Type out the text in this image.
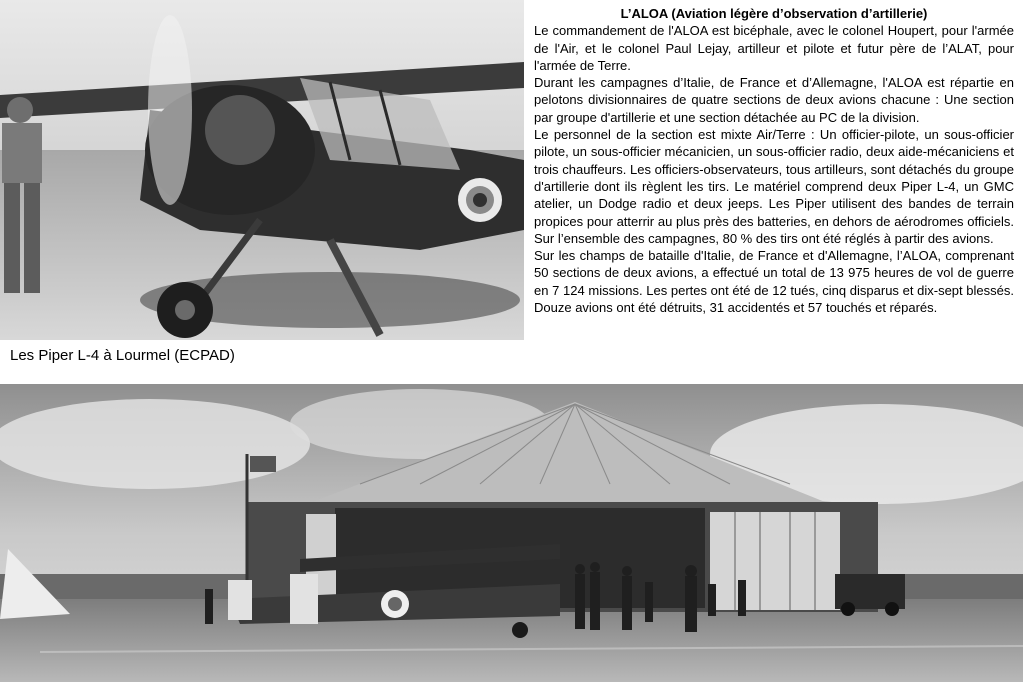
Les Piper L-4 à Lourmel (ECPAD)
L’ALOA (Aviation légère d’observation d’artillerie)

Le commandement de l'ALOA est bicéphale, avec le colonel Houpert, pour l'armée de l'Air, et le colonel Paul Lejay, artilleur et pilote et futur père de l’ALAT, pour l'armée de Terre.

Durant les campagnes d’Italie, de France et d’Allemagne, l'ALOA est répartie en pelotons divisionnaires de quatre sections de deux avions chacune : Une section par groupe d'artillerie et une section détachée au PC de la division.

Le personnel de la section est mixte Air/Terre : Un officier-pilote, un sous-officier pilote, un sous-officier mécanicien, un sous-officier radio, deux aide-mécaniciens et trois chauffeurs. Les officiers-observateurs, tous artilleurs, sont détachés du groupe d'artillerie dont ils règlent les tirs. Le matériel comprend deux Piper L-4, un GMC atelier, un Dodge radio et deux jeeps. Les Piper utilisent des bandes de terrain propices pour atterrir au plus près des batteries, en dehors de aérodromes officiels. Sur l’ensemble des campagnes, 80 % des tirs ont été réglés à partir des avions.

Sur les champs de bataille d'Italie, de France et d'Allemagne, l’ALOA, comprenant 50 sections de deux avions, a effectué un total de 13 975 heures de vol de guerre en 7 124 missions. Les pertes ont été de 12 tués, cinq disparus et dix-sept blessés. Douze avions ont été détruits, 31 accidentés et 57 touchés et réparés.
